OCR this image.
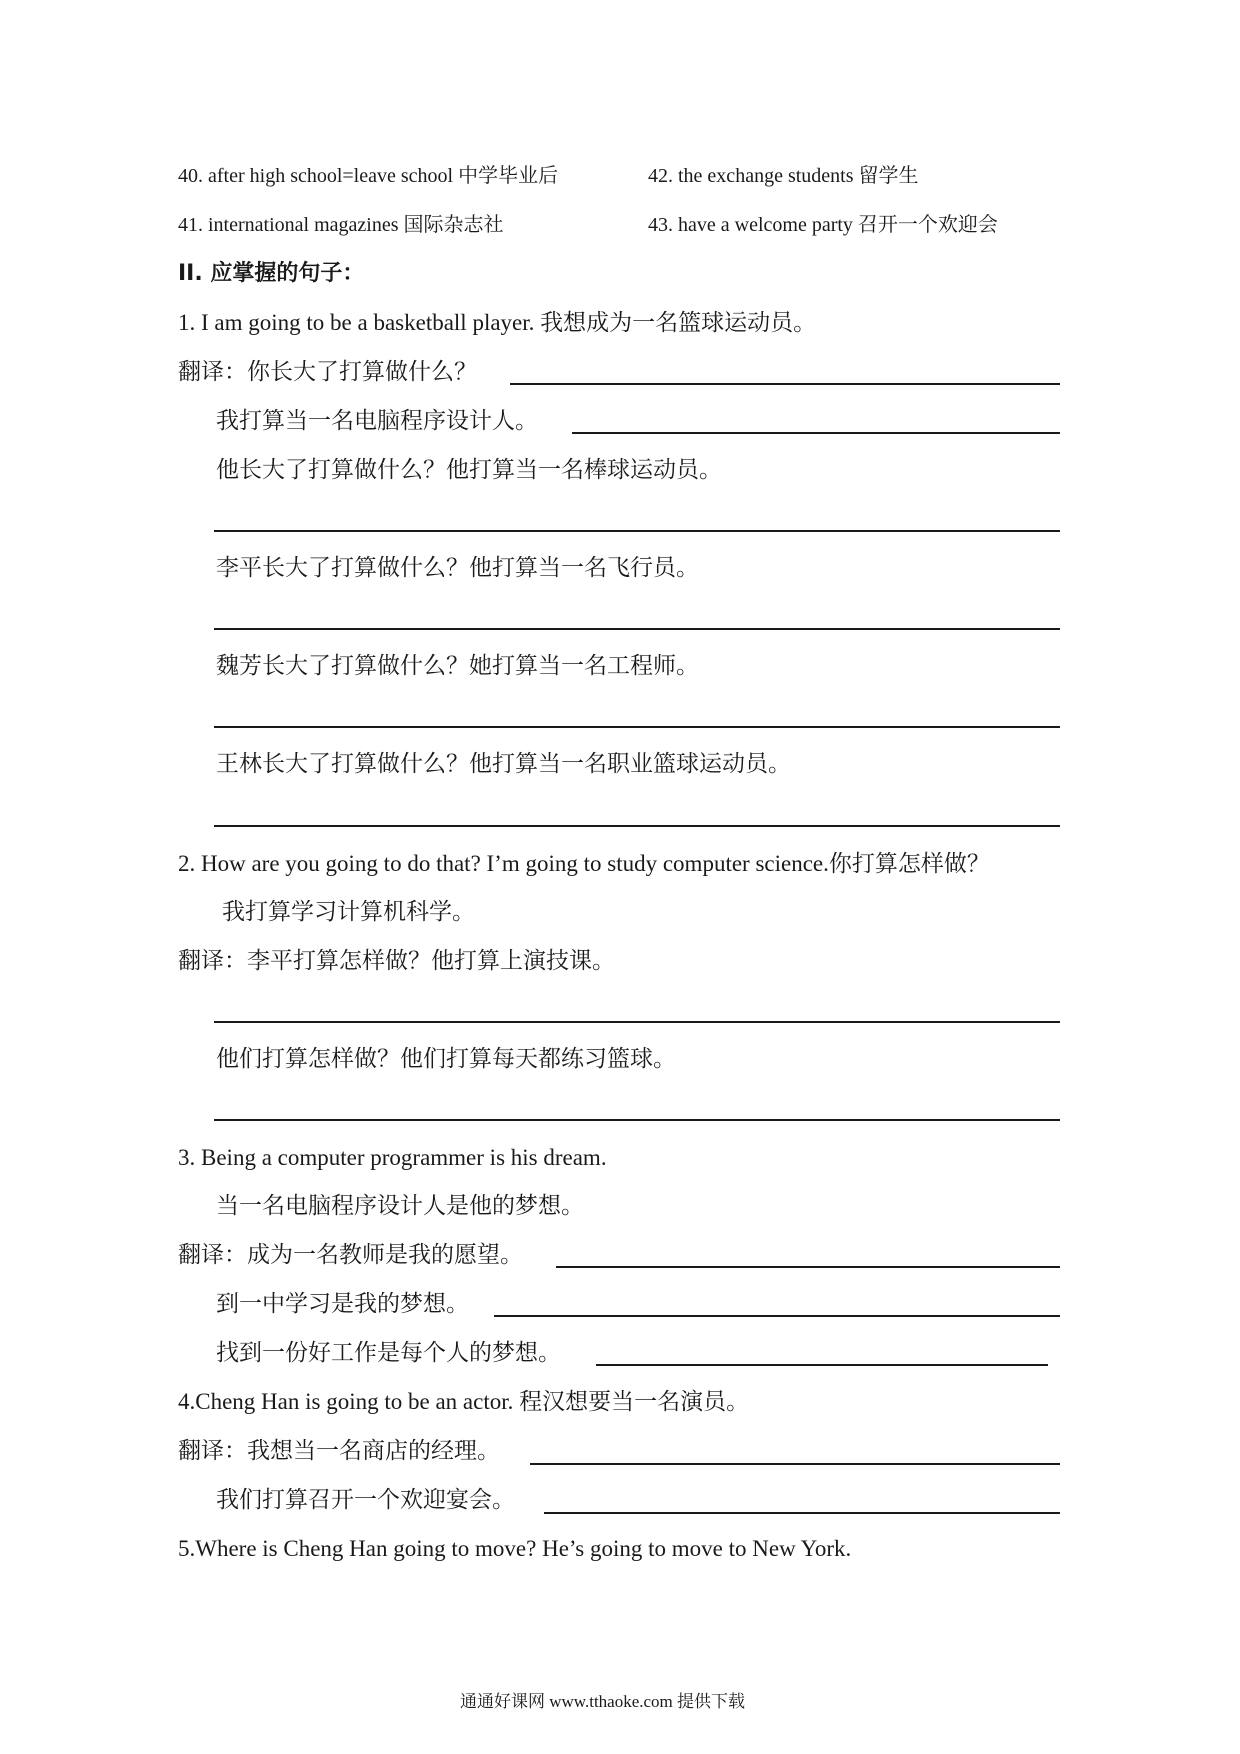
40. after high school=leave school 中学毕业后	42. the exchange students 留学生
41. international magazines 国际杂志社	43. have a welcome party 召开一个欢迎会
II. 应掌握的句子：
1. I am going to be a basketball player. 我想成为一名篮球运动员。
翻译：你长大了打算做什么？
我打算当一名电脑程序设计人。
他长大了打算做什么？他打算当一名棒球运动员。
李平长大了打算做什么？他打算当一名飞行员。
魏芳长大了打算做什么？她打算当一名工程师。
王林长大了打算做什么？他打算当一名职业篮球运动员。
2. How are you going to do that? I’m going to study computer science.你打算怎样做？
我打算学习计算机科学。
翻译：李平打算怎样做？他打算上演技课。
他们打算怎样做？他们打算每天都练习篮球。
3. Being a computer programmer is his dream.
当一名电脑程序设计人是他的梦想。
翻译：成为一名教师是我的愿望。
到一中学习是我的梦想。
找到一份好工作是每个人的梦想。
4.Cheng Han is going to be an actor. 程汉想要当一名演员。
翻译：我想当一名商店的经理。
我们打算召开一个欢迎宴会。
5.Where is Cheng Han going to move? He’s going to move to New York.
通通好课网 www.tthaoke.com 提供下载
